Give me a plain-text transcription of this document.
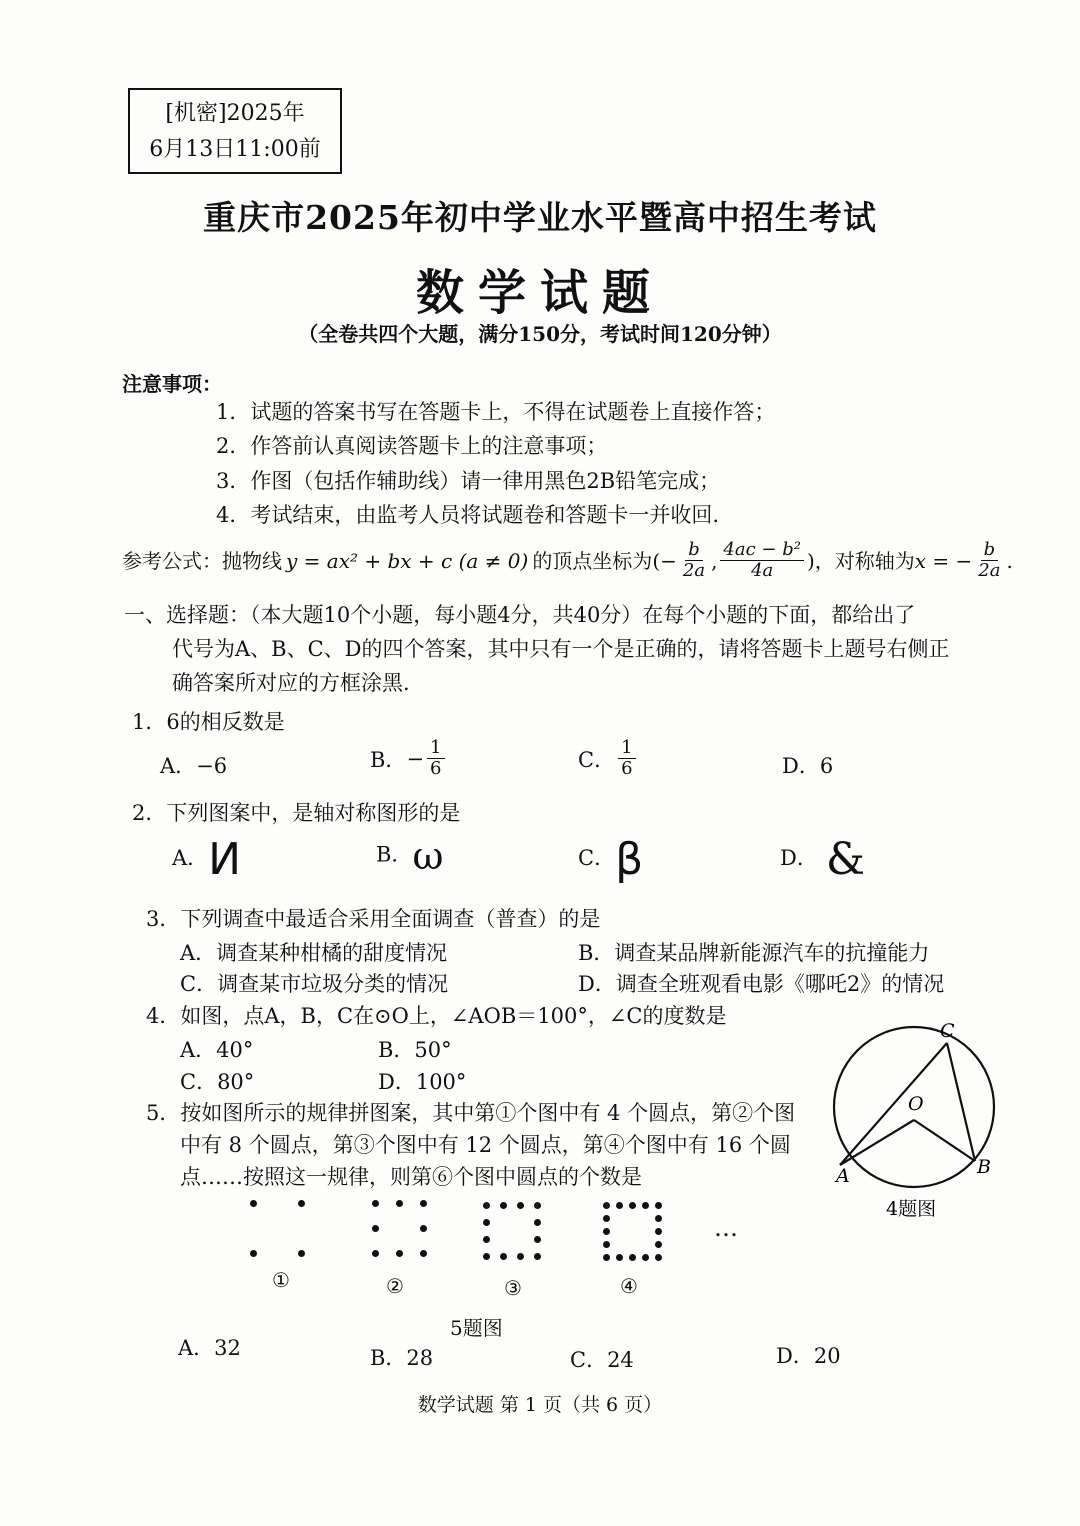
[机密]2025年
6月13日11:00前
重庆市2025年初中学业水平暨高中招生考试
数学试题
（全卷共四个大题，满分150分，考试时间120分钟）
注意事项：
1．试题的答案书写在答题卡上，不得在试题卷上直接作答；
2．作答前认真阅读答题卡上的注意事项；
3．作图（包括作辅助线）请一律用黑色2B铅笔完成；
4．考试结束，由监考人员将试题卷和答题卡一并收回.
参考公式：抛物线 y = ax² + bx + c (a ≠ 0) 的顶点坐标为 (− $\frac{b}{2a}$ , $\frac{\text{4ac − b²}}{4a}$ ) ，对称轴为 x = − $\frac{b}{2a}$ .
一、选择题：（本大题10个小题，每小题4分，共40分）在每个小题的下面，都给出了
代号为A、B、C、D的四个答案，其中只有一个是正确的，请将答题卡上题号右侧正
确答案所对应的方框涂黑.
1．6的相反数是
A．−6	B． − $\frac{1}{6}$	C． $\frac{1}{6}$	D．6
2．下列图案中，是轴对称图形的是
A．И	B．ω	C．β	D． &
3．下列调查中最适合采用全面调查（普查）的是
A．调查某种柑橘的甜度情况	B．调查某品牌新能源汽车的抗撞能力
C．调查某市垃圾分类的情况	D．调查全班观看电影《哪吒2》的情况
4．如图，点A，B，C在⊙O上，∠AOB＝100°，∠C的度数是
A．40°	B．50°
C．80°	D．100°
C
O
A	B
4题图
5．按如图所示的规律拼图案，其中第①个图中有 4 个圆点，第②个图
中有 8 个圆点，第③个图中有 12 个圆点，第④个图中有 16 个圆
点……按照这一规律，则第⑥个图中圆点的个数是
…
①	②	③	④
5题图
A．32	B．28	C．24	D．20
数学试题 第 1 页（共 6 页）
